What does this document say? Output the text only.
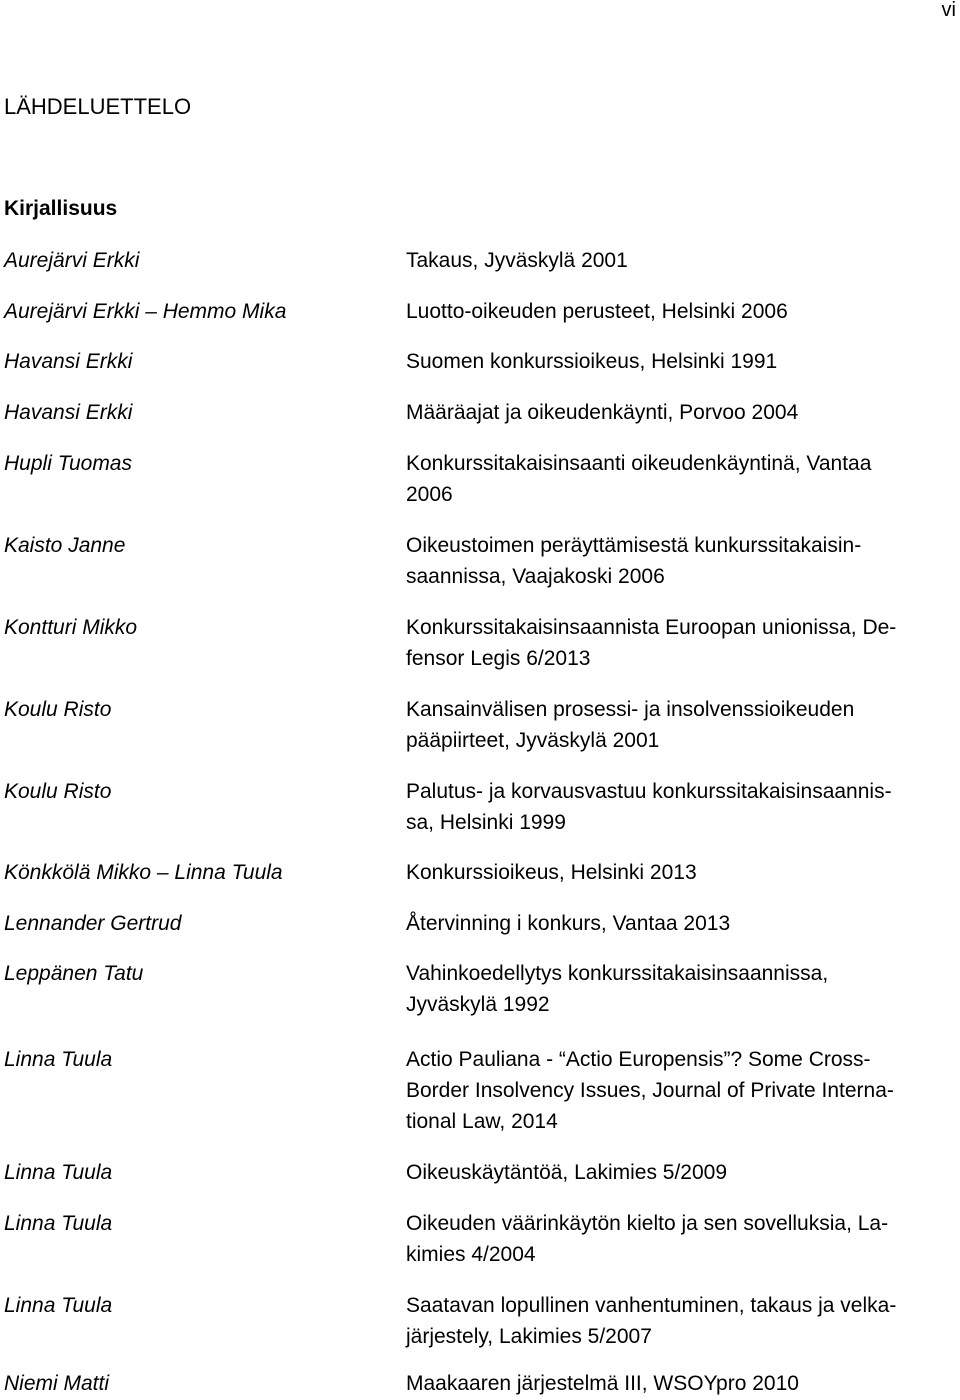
vi
LÄHDELUETTELO
Kirjallisuus
Aurejärvi Erkki	Takaus, Jyväskylä 2001
Aurejärvi Erkki – Hemmo Mika	Luotto-oikeuden perusteet, Helsinki 2006
Havansi Erkki	Suomen konkurssioikeus, Helsinki 1991
Havansi Erkki	Määräajat ja oikeudenkäynti, Porvoo 2004
Hupli Tuomas	Konkurssitakaisinsaanti oikeudenkäyntinä, Vantaa
2006
Kaisto Janne	Oikeustoimen peräyttämisestä kunkurssitakaisin-
saannissa, Vaajakoski 2006
Kontturi Mikko	Konkurssitakaisinsaannista Euroopan unionissa, De-
fensor Legis 6/2013
Koulu Risto	Kansainvälisen prosessi- ja insolvenssioikeuden
pääpiirteet, Jyväskylä 2001
Koulu Risto	Palutus- ja korvausvastuu konkurssitakaisinsaannis-
sa, Helsinki 1999
Könkkölä Mikko – Linna Tuula	Konkurssioikeus, Helsinki 2013
Lennander Gertrud	Återvinning i konkurs, Vantaa 2013
Leppänen Tatu	Vahinkoedellytys konkurssitakaisinsaannissa,
Jyväskylä 1992
Linna Tuula	Actio Pauliana - “Actio Europensis”? Some Cross-
Border Insolvency Issues, Journal of Private Interna-
tional Law, 2014
Linna Tuula	Oikeuskäytäntöä, Lakimies 5/2009
Linna Tuula	Oikeuden väärinkäytön kielto ja sen sovelluksia, La-
kimies 4/2004
Linna Tuula	Saatavan lopullinen vanhentuminen, takaus ja velka-
järjestely, Lakimies 5/2007
Niemi Matti	Maakaaren järjestelmä III, WSOYpro 2010
